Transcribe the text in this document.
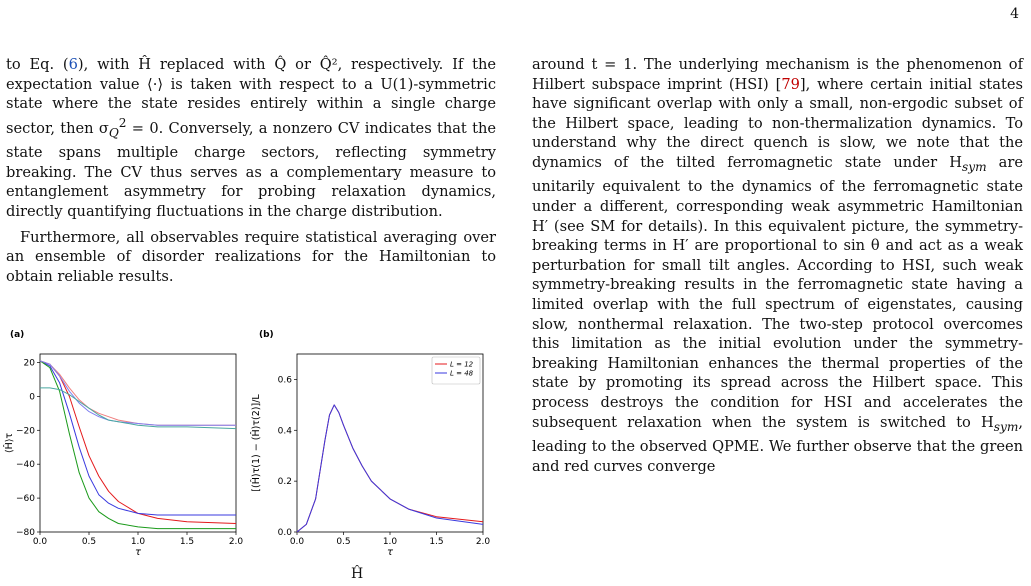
4

to Eq. (6), with Ĥ replaced with Q̂ or Q̂², respectively. If the expectation value ⟨·⟩ is taken with respect to a U(1)-symmetric state where the state resides entirely within a single charge sector, then $\sigma_Q^2 = 0$. Conversely, a nonzero CV indicates that the state spans multiple charge sectors, reflecting symmetry breaking. The CV thus serves as a complementary measure to entanglement asymmetry for probing relaxation dynamics, directly quantifying fluctuations in the charge distribution.

Furthermore, all observables require statistical averaging over an ensemble of disorder realizations for the Hamiltonian to obtain reliable results.

(a)
0.0	0.5	1.0	1.5	2.0
20
0
−20
−40
−60
−80
τ
⟨Ĥ⟩τ
(b)
0.0	0.5	1.0	1.5	2.0
0.0
0.2
0.4
0.6
τ
[(Ĥ)τ(1) − (Ĥ)τ(2)]/L
L = 12
L = 48
Ĥ

around t = 1. The underlying mechanism is the phenomenon of Hilbert subspace imprint (HSI) [79], where certain initial states have significant overlap with only a small, non-ergodic subset of the Hilbert space, leading to non-thermalization dynamics. To understand why the direct quench is slow, we note that the dynamics of the tilted ferromagnetic state under $H_{sym}$ are unitarily equivalent to the dynamics of the ferromagnetic state under a different, corresponding weak asymmetric Hamiltonian H′ (see SM for details). In this equivalent picture, the symmetry-breaking terms in H′ are proportional to sin θ and act as a weak perturbation for small tilt angles. According to HSI, such weak symmetry-breaking results in the ferromagnetic state having a limited overlap with the full spectrum of eigenstates, causing slow, nonthermal relaxation. The two-step protocol overcomes this limitation as the initial evolution under the symmetry-breaking Hamiltonian enhances the thermal properties of the state by promoting its spread across the Hilbert space. This process destroys the condition for HSI and accelerates the subsequent relaxation when the system is switched to $H_{sym}$, leading to the observed QPME. We further observe that the green and red curves converge
